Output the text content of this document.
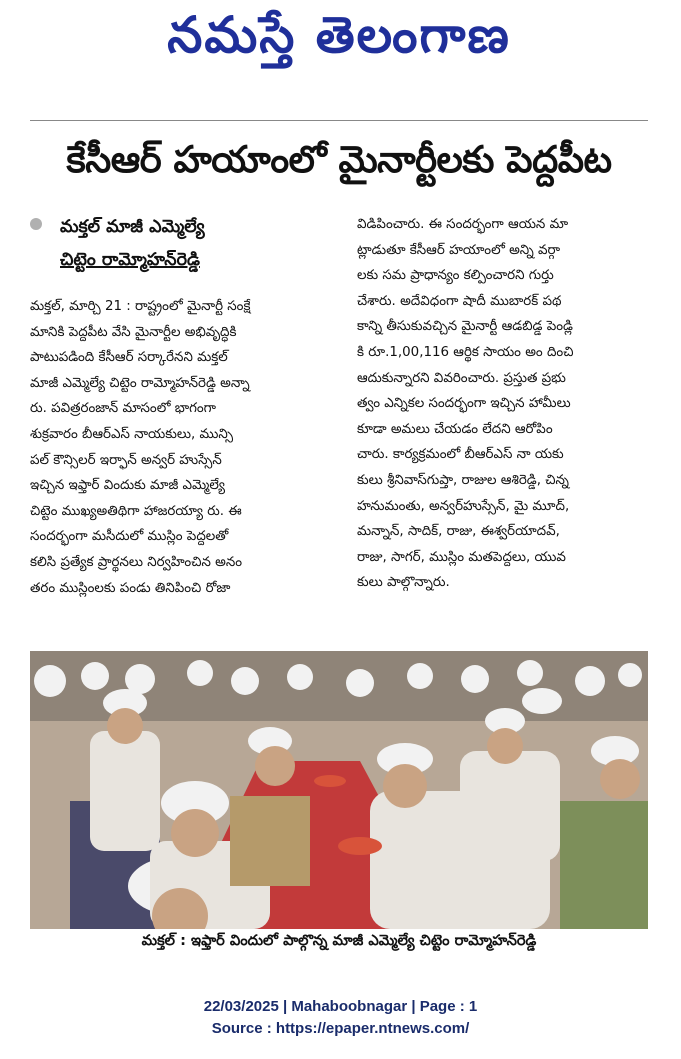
నమస్తే తెలంగాణ
కేసీఆర్ హయాంలో మైనార్టీలకు పెద్దపీట
మక్తల్ మాజీ ఎమ్మెల్యే
చిట్టెం రామ్మోహన్‌రెడ్డి
మక్తల్, మార్చి 21 : రాష్ట్రంలో మైనార్టీ సంక్షే
మానికి పెద్దపీట వేసి మైనార్టీల అభివృద్ధికి
పాటుపడింది కేసీఆర్ సర్కారేనని మక్తల్
మాజీ ఎమ్మెల్యే చిట్టెం రామ్మోహన్‌రెడ్డి అన్నా
రు. పవిత్రరంజాన్ మాసంలో భాగంగా
శుక్రవారం బీఆర్‌ఎస్ నాయకులు, మున్సి
పల్ కౌన్సిలర్ ఇర్ఫాన్ అన్వర్ హుస్సేన్
ఇచ్చిన ఇఫ్తార్ విందుకు మాజీ ఎమ్మెల్యే
చిట్టెం ముఖ్యఅతిథిగా హాజరయ్యా రు. ఈ
సందర్భంగా మసీదులో ముస్లిం పెద్దలతో
కలిసి ప్రత్యేక ప్రార్థనలు నిర్వహించిన అనం
తరం ముస్లింలకు పండు తినిపించి రోజా
విడిపించారు. ఈ సందర్భంగా ఆయన మా
ట్లాడుతూ కేసీఆర్ హయాంలో అన్ని వర్గా
లకు సమ ప్రాధాన్యం కల్పించారని గుర్తు
చేశారు. అదేవిధంగా షాదీ ముబారక్ పథ
కాన్ని తీసుకువచ్చిన మైనార్టీ ఆడబిడ్డ పెండ్లి
కి రూ.1,00,116 ఆర్థిక సాయం అం దించి
ఆదుకున్నారని వివరించారు. ప్రస్తుత ప్రభు
త్వం ఎన్నికల సందర్భంగా ఇచ్చిన హామీలు
కూడా అమలు చేయడం లేదని ఆరోపిం
చారు. కార్యక్రమంలో బీఆర్‌ఎస్ నా యకు
కులు శ్రీనివాస్‌గుప్తా, రాజుల ఆశిరెడ్డి, చిన్న
హనుమంతు, అన్వర్‌హుస్సేన్, మై మూద్,
మన్నాన్, సాదిక్, రాజు, ఈశ్వర్‌యాదవ్,
రాజు, సాగర్, ముస్లిం మతపెద్దలు, యువ
కులు పాల్గొన్నారు.
మక్తల్ : ఇఫ్తార్ విందులో పాల్గొన్న మాజీ ఎమ్మెల్యే చిట్టెం రామ్మోహన్‌రెడ్డి
22/03/2025 | Mahaboobnagar | Page : 1
Source : https://epaper.ntnews.com/
